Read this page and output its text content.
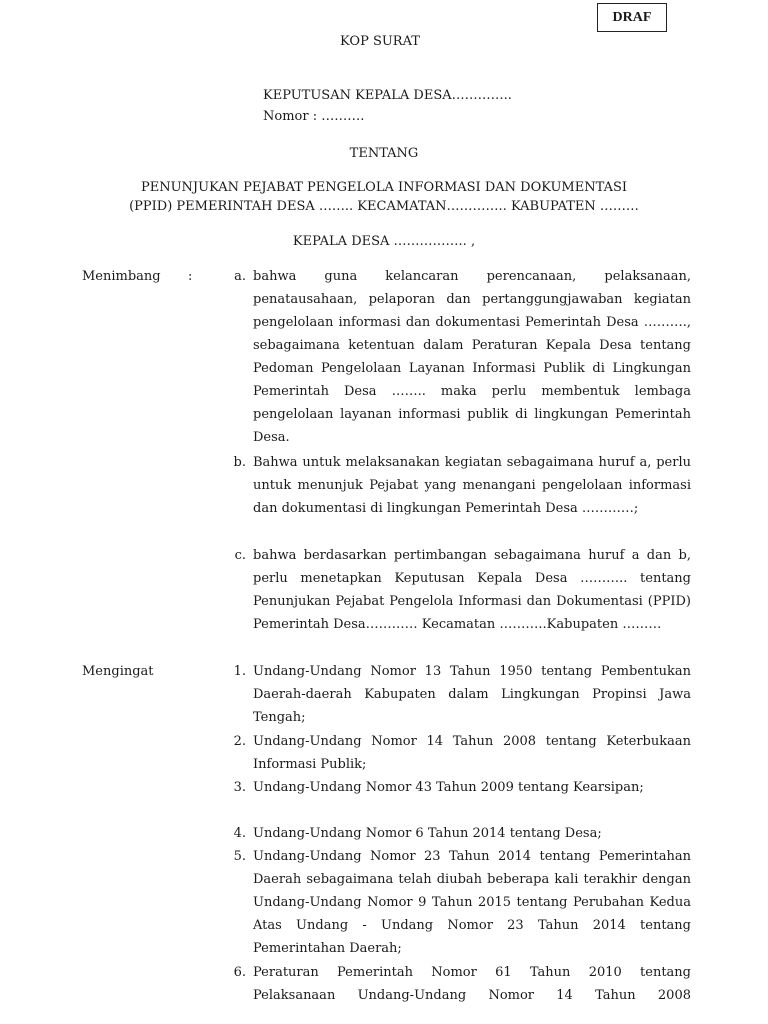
DRAF
KOP SURAT
KEPUTUSAN KEPALA DESA…………..
Nomor : ……….
TENTANG
PENUNJUKAN PEJABAT PENGELOLA INFORMASI DAN DOKUMENTASI
(PPID) PEMERINTAH DESA …….. KECAMATAN………….. KABUPATEN ………
KEPALA DESA …………….. ,
Menimbang :	a. bahwa guna kelancaran perencanaan, pelaksanaan, penatausahaan, pelaporan dan pertanggungjawaban kegiatan pengelolaan informasi dan dokumentasi Pemerintah Desa ………., sebagaimana ketentuan dalam Peraturan Kepala Desa tentang Pedoman Pengelolaan Layanan Informasi Publik di Lingkungan Pemerintah Desa …….. maka perlu membentuk lembaga pengelolaan layanan informasi publik di lingkungan Pemerintah Desa.
b. Bahwa untuk melaksanakan kegiatan sebagaimana huruf a, perlu untuk menunjuk Pejabat yang menangani pengelolaan informasi dan dokumentasi di lingkungan Pemerintah Desa …………;
c. bahwa berdasarkan pertimbangan sebagaimana huruf a dan b, perlu menetapkan Keputusan Kepala Desa ……….. tentang Penunjukan Pejabat Pengelola Informasi dan Dokumentasi (PPID) Pemerintah Desa………… Kecamatan ………..Kabupaten ………
Mengingat	1. Undang-Undang Nomor 13 Tahun 1950 tentang Pembentukan Daerah-daerah Kabupaten dalam Lingkungan Propinsi Jawa Tengah;
2. Undang-Undang Nomor 14 Tahun 2008 tentang Keterbukaan Informasi Publik;
3. Undang-Undang Nomor 43 Tahun 2009 tentang Kearsipan;
4. Undang-Undang Nomor 6 Tahun 2014 tentang Desa;
5. Undang-Undang Nomor 23 Tahun 2014 tentang Pemerintahan Daerah sebagaimana telah diubah beberapa kali terakhir dengan Undang-Undang Nomor 9 Tahun 2015 tentang Perubahan Kedua Atas Undang - Undang Nomor 23 Tahun 2014 tentang Pemerintahan Daerah;
6. Peraturan Pemerintah Nomor 61 Tahun 2010 tentang Pelaksanaan Undang-Undang Nomor 14 Tahun 2008
